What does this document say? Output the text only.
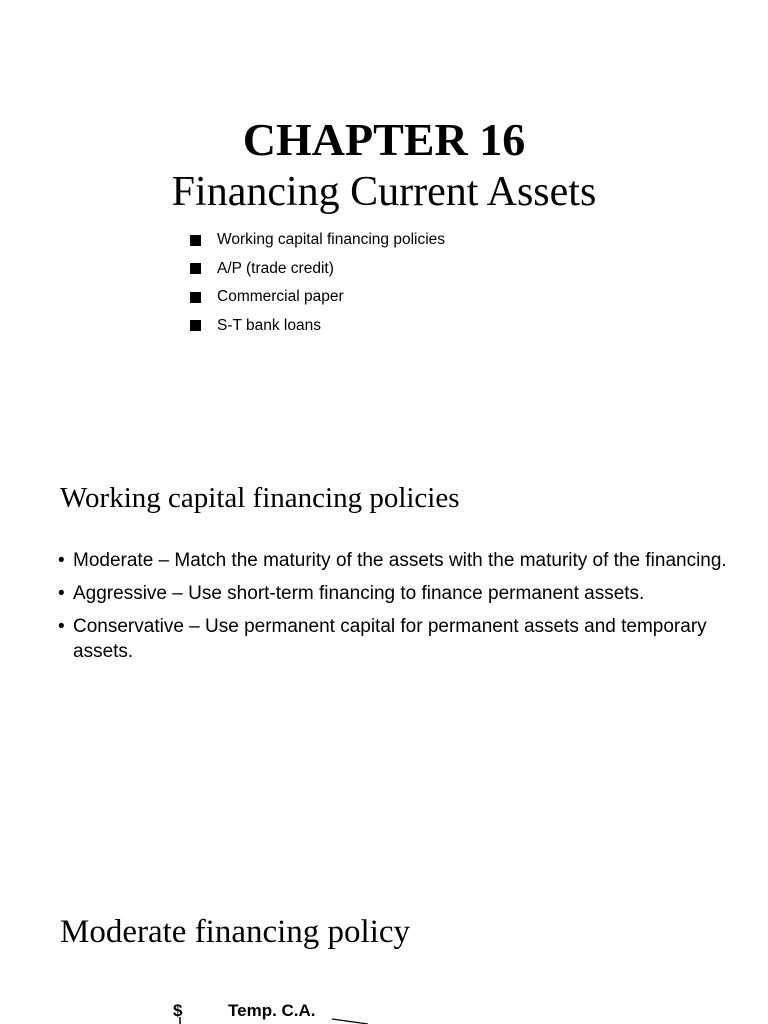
CHAPTER 16
Financing Current Assets
Working capital financing policies
A/P (trade credit)
Commercial paper
S-T bank loans
Working capital financing policies
• Moderate – Match the maturity of the assets with the maturity of the financing.
• Aggressive – Use short-term financing to finance permanent assets.
• Conservative – Use permanent capital for permanent assets and temporary assets.
Moderate financing policy
$	Temp. C.A.
